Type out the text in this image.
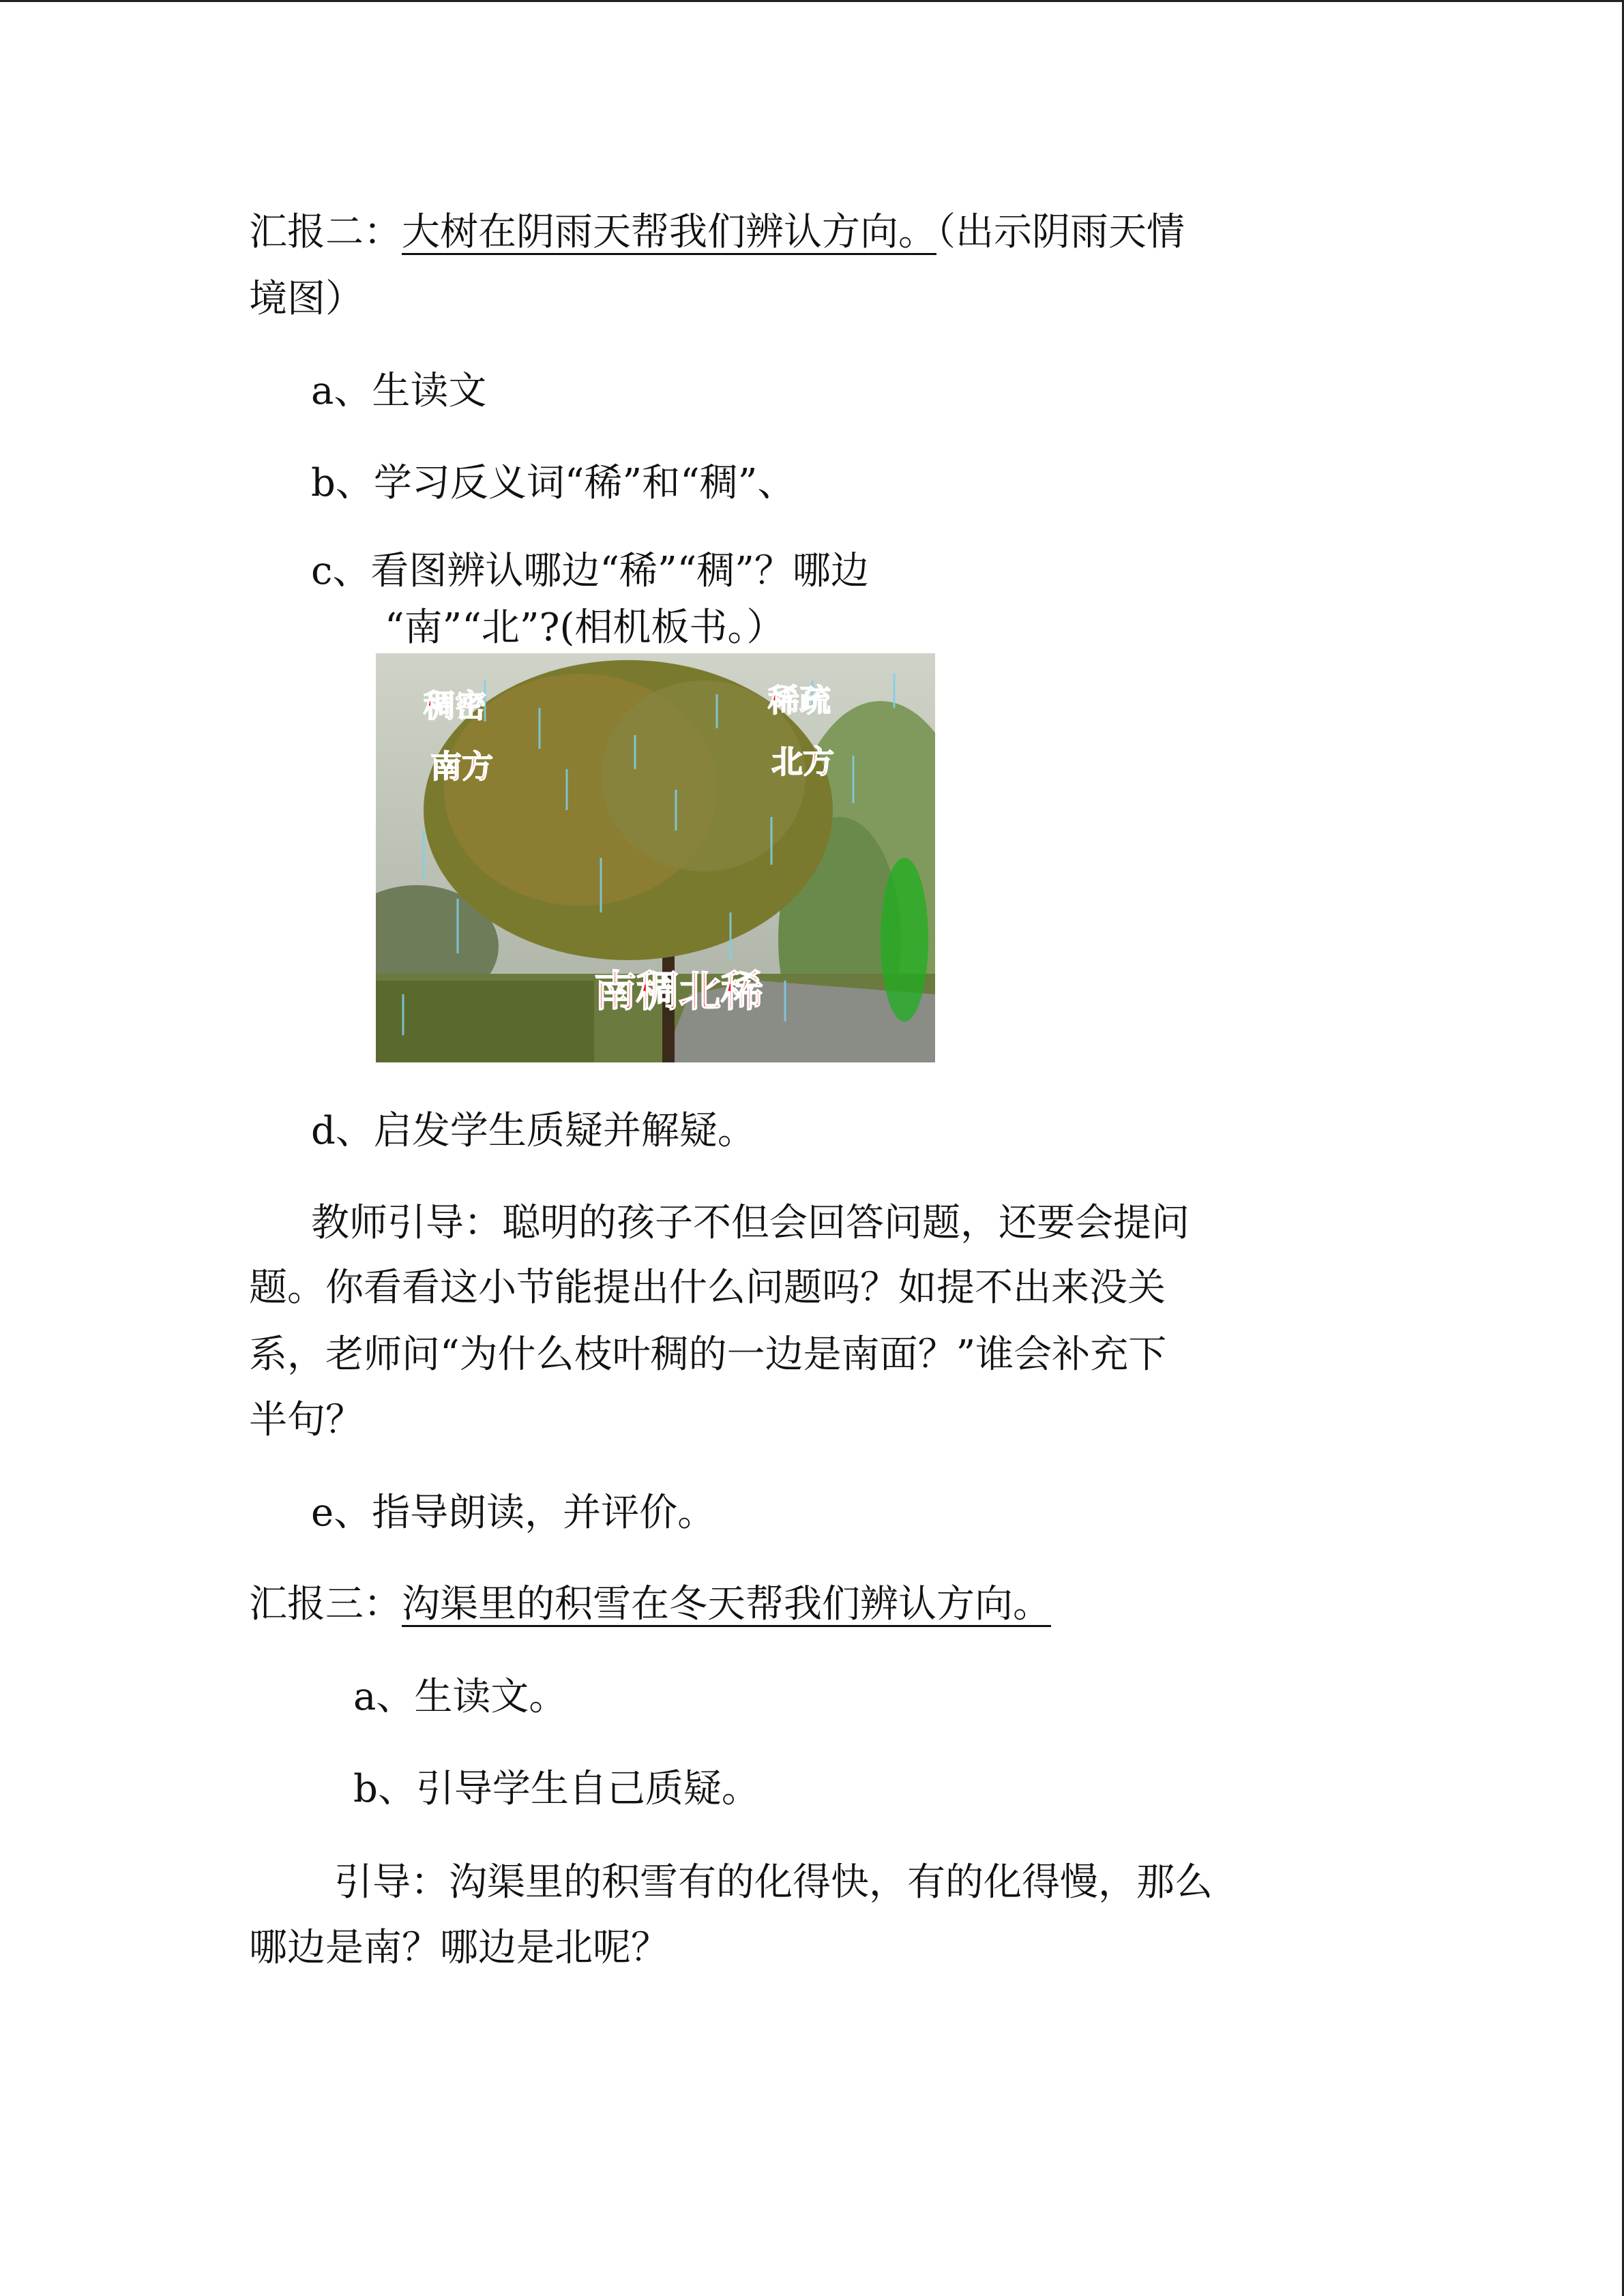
汇报二：大树在阴雨天帮我们辨认方向。（出示阴雨天情
境图）
a、生读文
b、学习反义词“稀”和“稠”、
c、看图辨认哪边“稀”“稠”？哪边
“南”“北”?(相机板书。）
稠密
南方
稀疏
北方
南稠北稀
d、启发学生质疑并解疑。
教师引导：聪明的孩子不但会回答问题，还要会提问
题。你看看这小节能提出什么问题吗？如提不出来没关
系，老师问“为什么枝叶稠的一边是南面？”谁会补充下
半句？
e、指导朗读，并评价。
汇报三：沟渠里的积雪在冬天帮我们辨认方向。
a、生读文。
b、引导学生自己质疑。
引导：沟渠里的积雪有的化得快，有的化得慢，那么
哪边是南？哪边是北呢？
